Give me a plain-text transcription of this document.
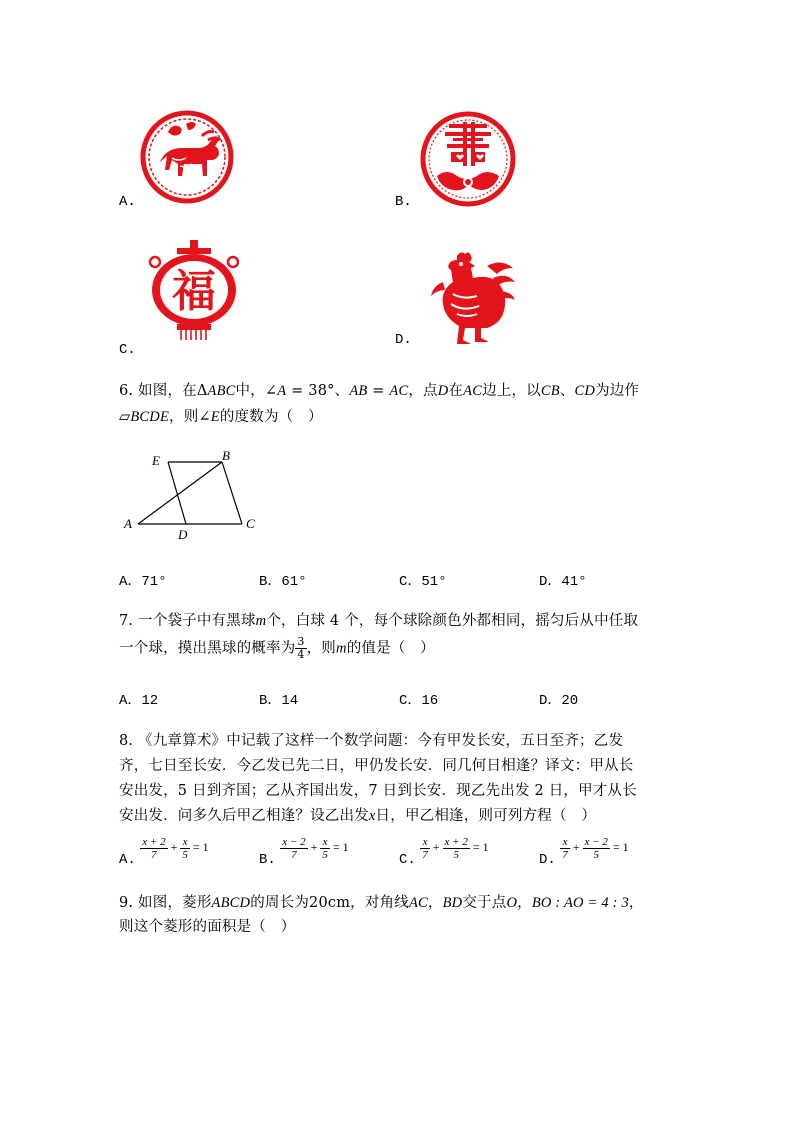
A.	B.
福
C.
D.
6. 如图，在ΔABC中，∠A = 38°、AB = AC，点D在AC边上，以CB、CD为边作
▱BCDE，则∠E的度数为（　）
E	B
A
D
C
A．71°	B．61°	C．51°	D．41°
7. 一个袋子中有黑球m个，白球 4 个，每个球除颜色外都相同，摇匀后从中任取
一个球，摸出黑球的概率为 $\frac{3}{4}$ ，则m的值是（　）
A．12	B．14	C．16	D．20
8. 《九章算术》中记载了这样一个数学问题：今有甲发长安，五日至齐；乙发
齐，七日至长安．今乙发已先二日，甲仍发长安．同几何日相逢？译文：甲从长
安出发，5 日到齐国；乙从齐国出发，7 日到长安．现乙先出发 2 日，甲才从长
安出发．问多久后甲乙相逢？设乙出发x日，甲乙相逢，则可列方程（　）
A. $\frac{x + 2}{7} + \frac{x}{5} = 1$
B. $\frac{x - 2}{7} + \frac{x}{5} = 1$
C. $\frac{x}{7} + \frac{x + 2}{5} = 1$
D. $\frac{x}{7} + \frac{x - 2}{5} = 1$
9. 如图，菱形ABCD的周长为20cm，对角线AC，BD交于点O，BO : AO = 4 : 3，
则这个菱形的面积是（　）
